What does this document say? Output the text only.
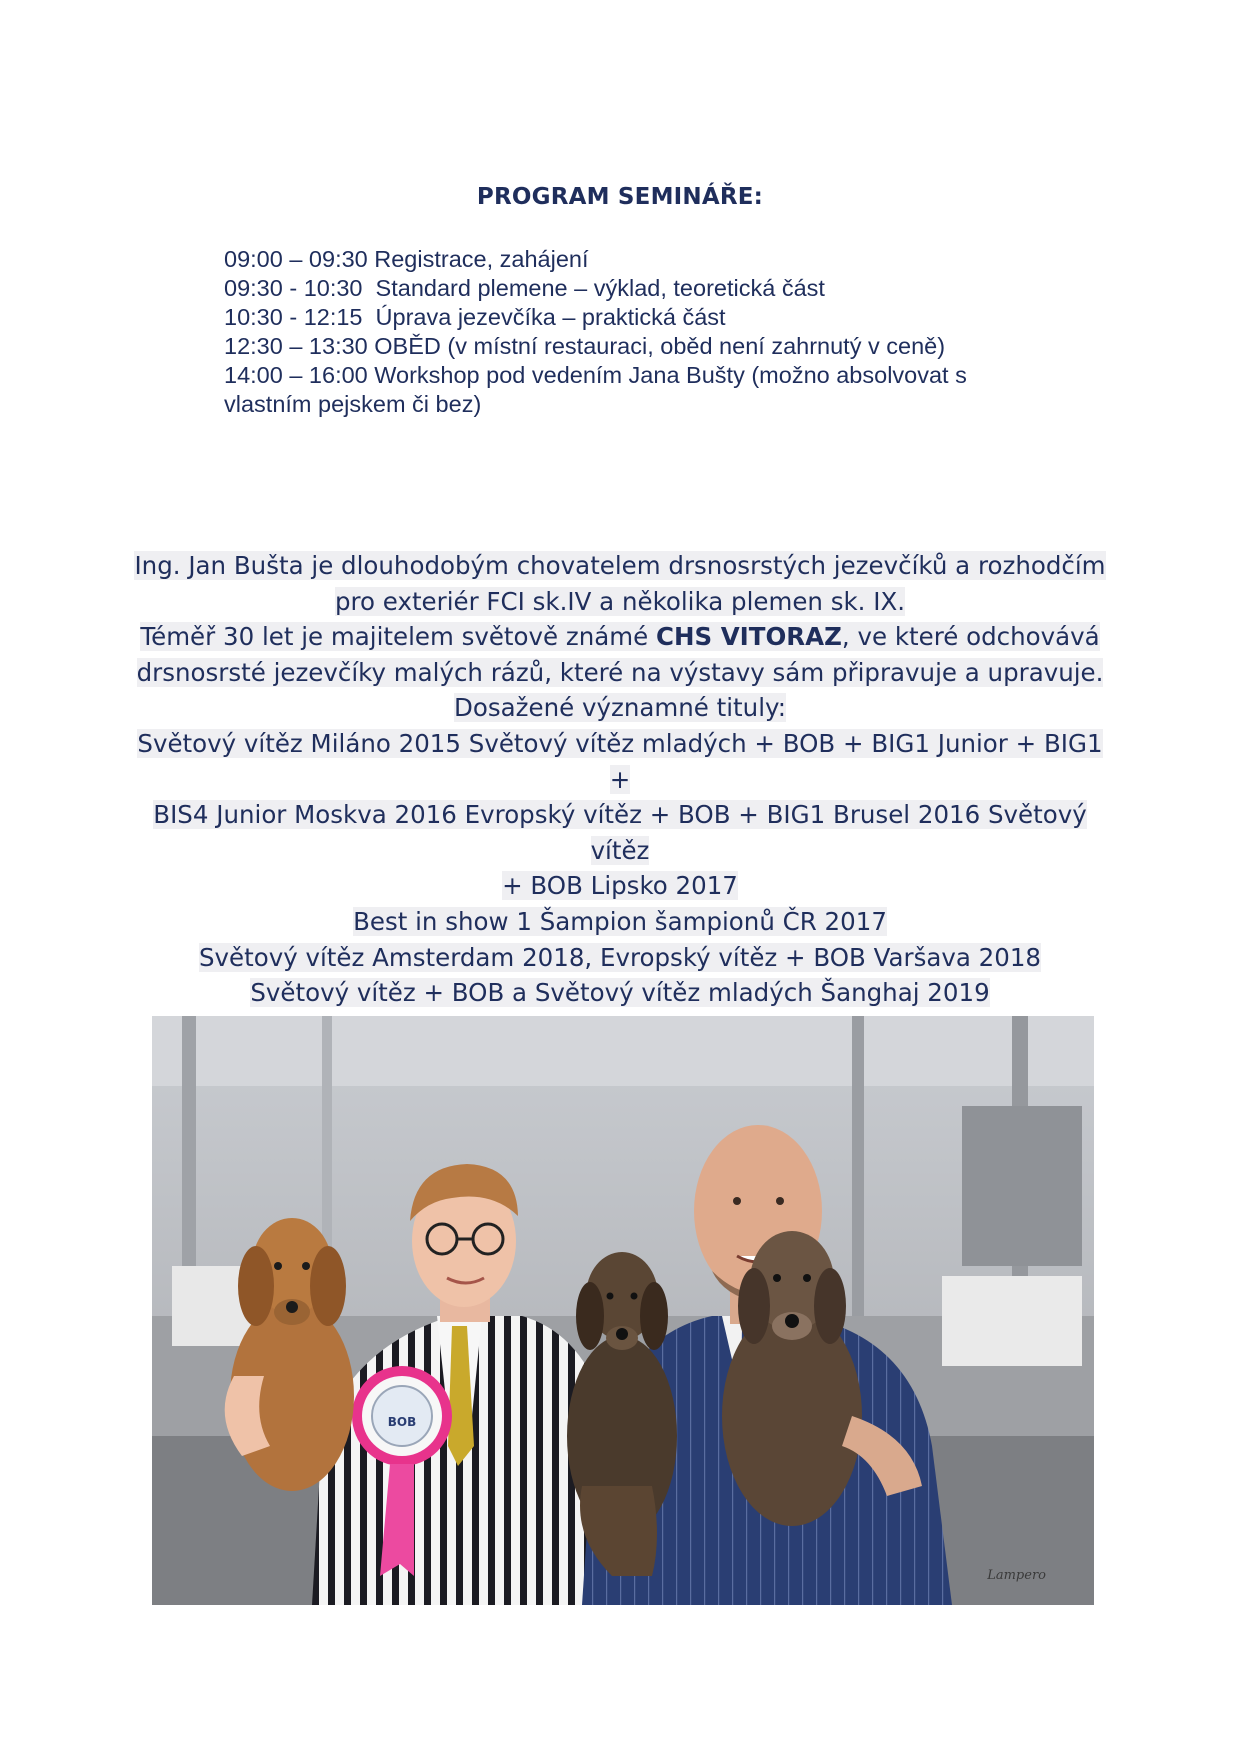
PROGRAM SEMINÁŘE:
09:00 – 09:30 Registrace, zahájení
09:30 - 10:30  Standard plemene – výklad, teoretická část
10:30 - 12:15  Úprava jezevčíka – praktická část
12:30 – 13:30 OBĚD (v místní restauraci, oběd není zahrnutý v ceně)
14:00 – 16:00 Workshop pod vedením Jana Bušty (možno absolvovat s
vlastním pejskem či bez)
Ing. Jan Bušta je dlouhodobým chovatelem drsnosrstých jezevčíků a rozhodčím
pro exteriér FCI sk.IV a několika plemen sk. IX.
Téměř 30 let je majitelem světově známé CHS VITORAZ, ve které odchovává
drsnosrsté jezevčíky malých rázů, které na výstavy sám připravuje a upravuje.
Dosažené významné tituly:
Světový vítěz Miláno 2015 Světový vítěz mladých + BOB + BIG1 Junior + BIG1 +
BIS4 Junior Moskva 2016 Evropský vítěz + BOB + BIG1 Brusel 2016 Světový vítěz
+ BOB Lipsko 2017
Best in show 1 Šampion šampionů ČR 2017
Světový vítěz Amsterdam 2018, Evropský vítěz + BOB Varšava 2018
Světový vítěz + BOB a Světový vítěz mladých Šanghaj 2019
BOB
Lampero
